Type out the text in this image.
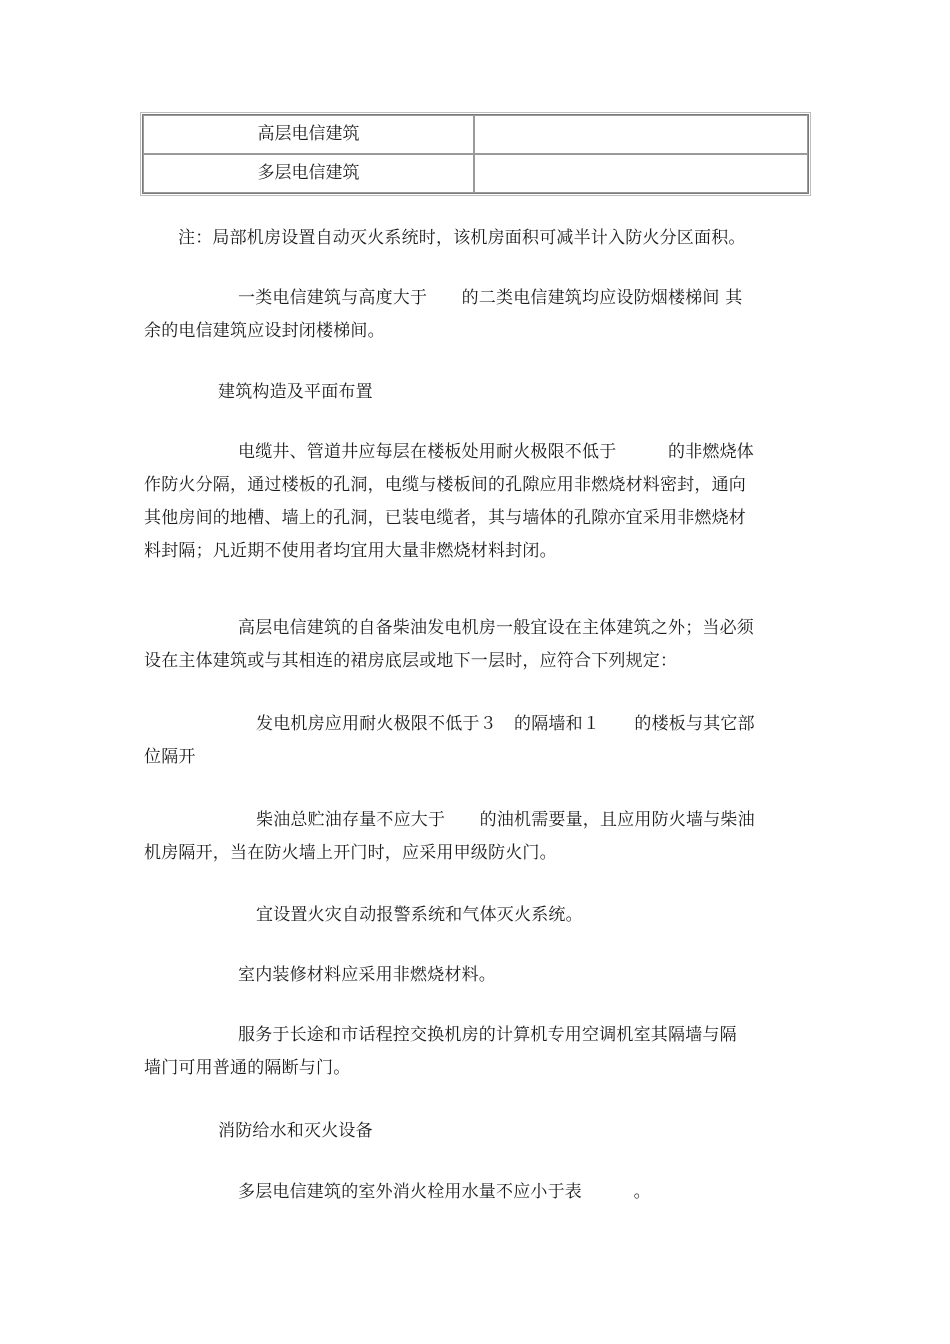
高层电信建筑	
多层电信建筑	

注：局部机房设置自动灭火系统时，该机房面积可减半计入防火分区面积。

一类电信建筑与高度大于　　的二类电信建筑均应设防烟楼梯间 其
余的电信建筑应设封闭楼梯间。

建筑构造及平面布置

电缆井、管道井应每层在楼板处用耐火极限不低于　　　的非燃烧体
作防火分隔，通过楼板的孔洞，电缆与楼板间的孔隙应用非燃烧材料密封，通向
其他房间的地槽、墙上的孔洞，已装电缆者，其与墙体的孔隙亦宜采用非燃烧材
料封隔；凡近期不使用者均宜用大量非燃烧材料封闭。

高层电信建筑的自备柴油发电机房一般宜设在主体建筑之外；当必须
设在主体建筑或与其相连的裙房底层或地下一层时，应符合下列规定：

发电机房应用耐火极限不低于３　的隔墙和１　　的楼板与其它部
位隔开

柴油总贮油存量不应大于　　的油机需要量，且应用防火墙与柴油
机房隔开，当在防火墙上开门时，应采用甲级防火门。

宜设置火灾自动报警系统和气体灭火系统。

室内装修材料应采用非燃烧材料。

服务于长途和市话程控交换机房的计算机专用空调机室其隔墙与隔
墙门可用普通的隔断与门。

消防给水和灭火设备

多层电信建筑的室外消火栓用水量不应小于表　　　。
